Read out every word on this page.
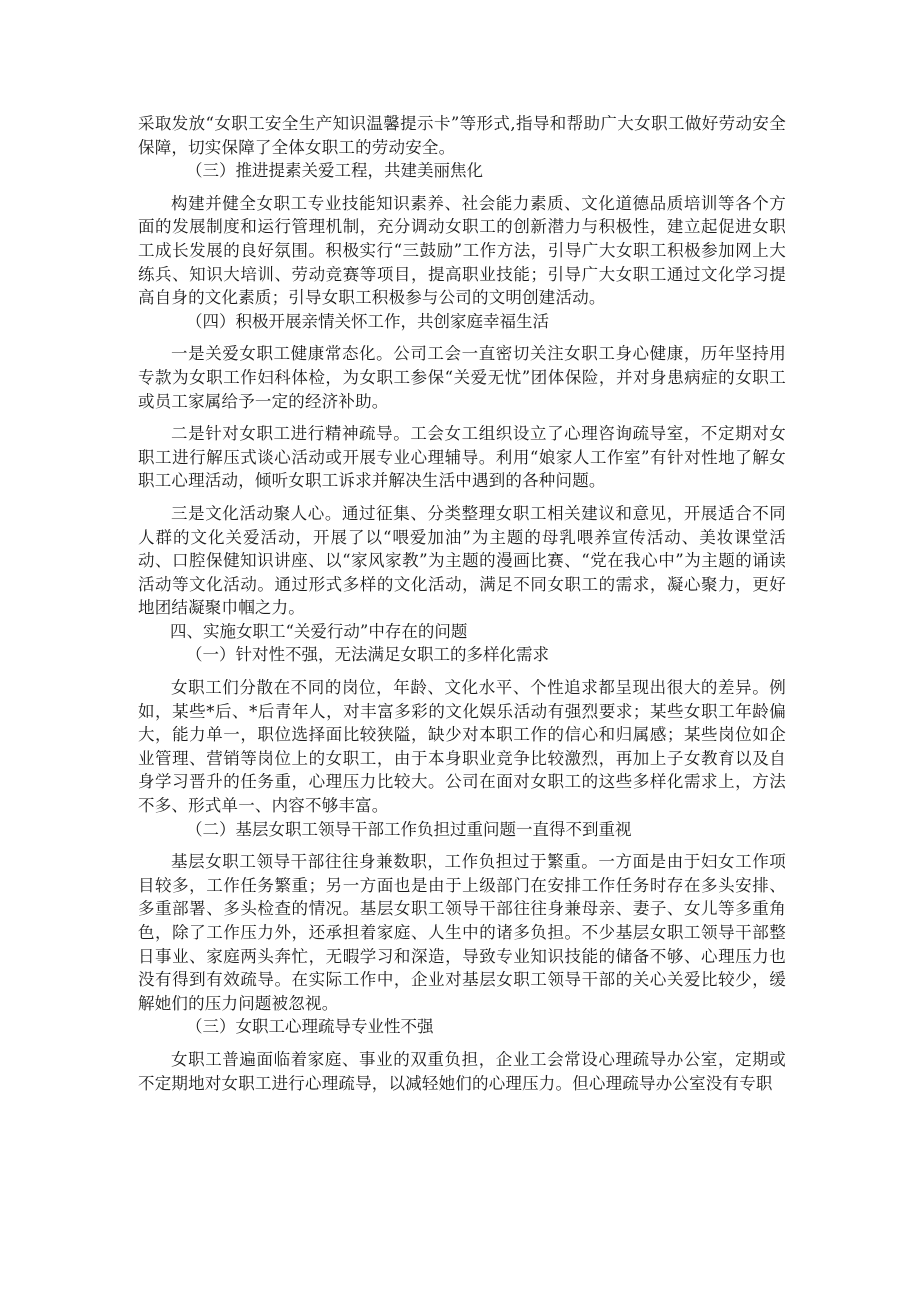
采取发放“女职工安全生产知识温馨提示卡”等形式,指导和帮助广大女职工做好劳动安全保障，切实保障了全体女职工的劳动安全。

（三）推进提素关爱工程，共建美丽焦化

构建并健全女职工专业技能知识素养、社会能力素质、文化道德品质培训等各个方面的发展制度和运行管理机制，充分调动女职工的创新潜力与积极性，建立起促进女职工成长发展的良好氛围。积极实行“三鼓励”工作方法，引导广大女职工积极参加网上大练兵、知识大培训、劳动竞赛等项目，提高职业技能；引导广大女职工通过文化学习提高自身的文化素质；引导女职工积极参与公司的文明创建活动。

（四）积极开展亲情关怀工作，共创家庭幸福生活

一是关爱女职工健康常态化。公司工会一直密切关注女职工身心健康，历年坚持用专款为女职工作妇科体检，为女职工参保“关爱无忧”团体保险，并对身患病症的女职工或员工家属给予一定的经济补助。

二是针对女职工进行精神疏导。工会女工组织设立了心理咨询疏导室，不定期对女职工进行解压式谈心活动或开展专业心理辅导。利用“娘家人工作室”有针对性地了解女职工心理活动，倾听女职工诉求并解决生活中遇到的各种问题。

三是文化活动聚人心。通过征集、分类整理女职工相关建议和意见，开展适合不同人群的文化关爱活动，开展了以“喂爱加油”为主题的母乳喂养宣传活动、美妆课堂活动、口腔保健知识讲座、以“家风家教”为主题的漫画比赛、“党在我心中”为主题的诵读活动等文化活动。通过形式多样的文化活动，满足不同女职工的需求，凝心聚力，更好地团结凝聚巾帼之力。

四、实施女职工“关爱行动”中存在的问题

（一）针对性不强，无法满足女职工的多样化需求

女职工们分散在不同的岗位，年龄、文化水平、个性追求都呈现出很大的差异。例如，某些*后、*后青年人，对丰富多彩的文化娱乐活动有强烈要求；某些女职工年龄偏大，能力单一，职位选择面比较狭隘，缺少对本职工作的信心和归属感；某些岗位如企业管理、营销等岗位上的女职工，由于本身职业竞争比较激烈，再加上子女教育以及自身学习晋升的任务重，心理压力比较大。公司在面对女职工的这些多样化需求上，方法不多、形式单一、内容不够丰富。

（二）基层女职工领导干部工作负担过重问题一直得不到重视

基层女职工领导干部往往身兼数职，工作负担过于繁重。一方面是由于妇女工作项目较多，工作任务繁重；另一方面也是由于上级部门在安排工作任务时存在多头安排、多重部署、多头检查的情况。基层女职工领导干部往往身兼母亲、妻子、女儿等多重角色，除了工作压力外，还承担着家庭、人生中的诸多负担。不少基层女职工领导干部整日事业、家庭两头奔忙，无暇学习和深造，导致专业知识技能的储备不够、心理压力也没有得到有效疏导。在实际工作中，企业对基层女职工领导干部的关心关爱比较少，缓解她们的压力问题被忽视。

（三）女职工心理疏导专业性不强

女职工普遍面临着家庭、事业的双重负担，企业工会常设心理疏导办公室，定期或不定期地对女职工进行心理疏导，以减轻她们的心理压力。但心理疏导办公室没有专职
